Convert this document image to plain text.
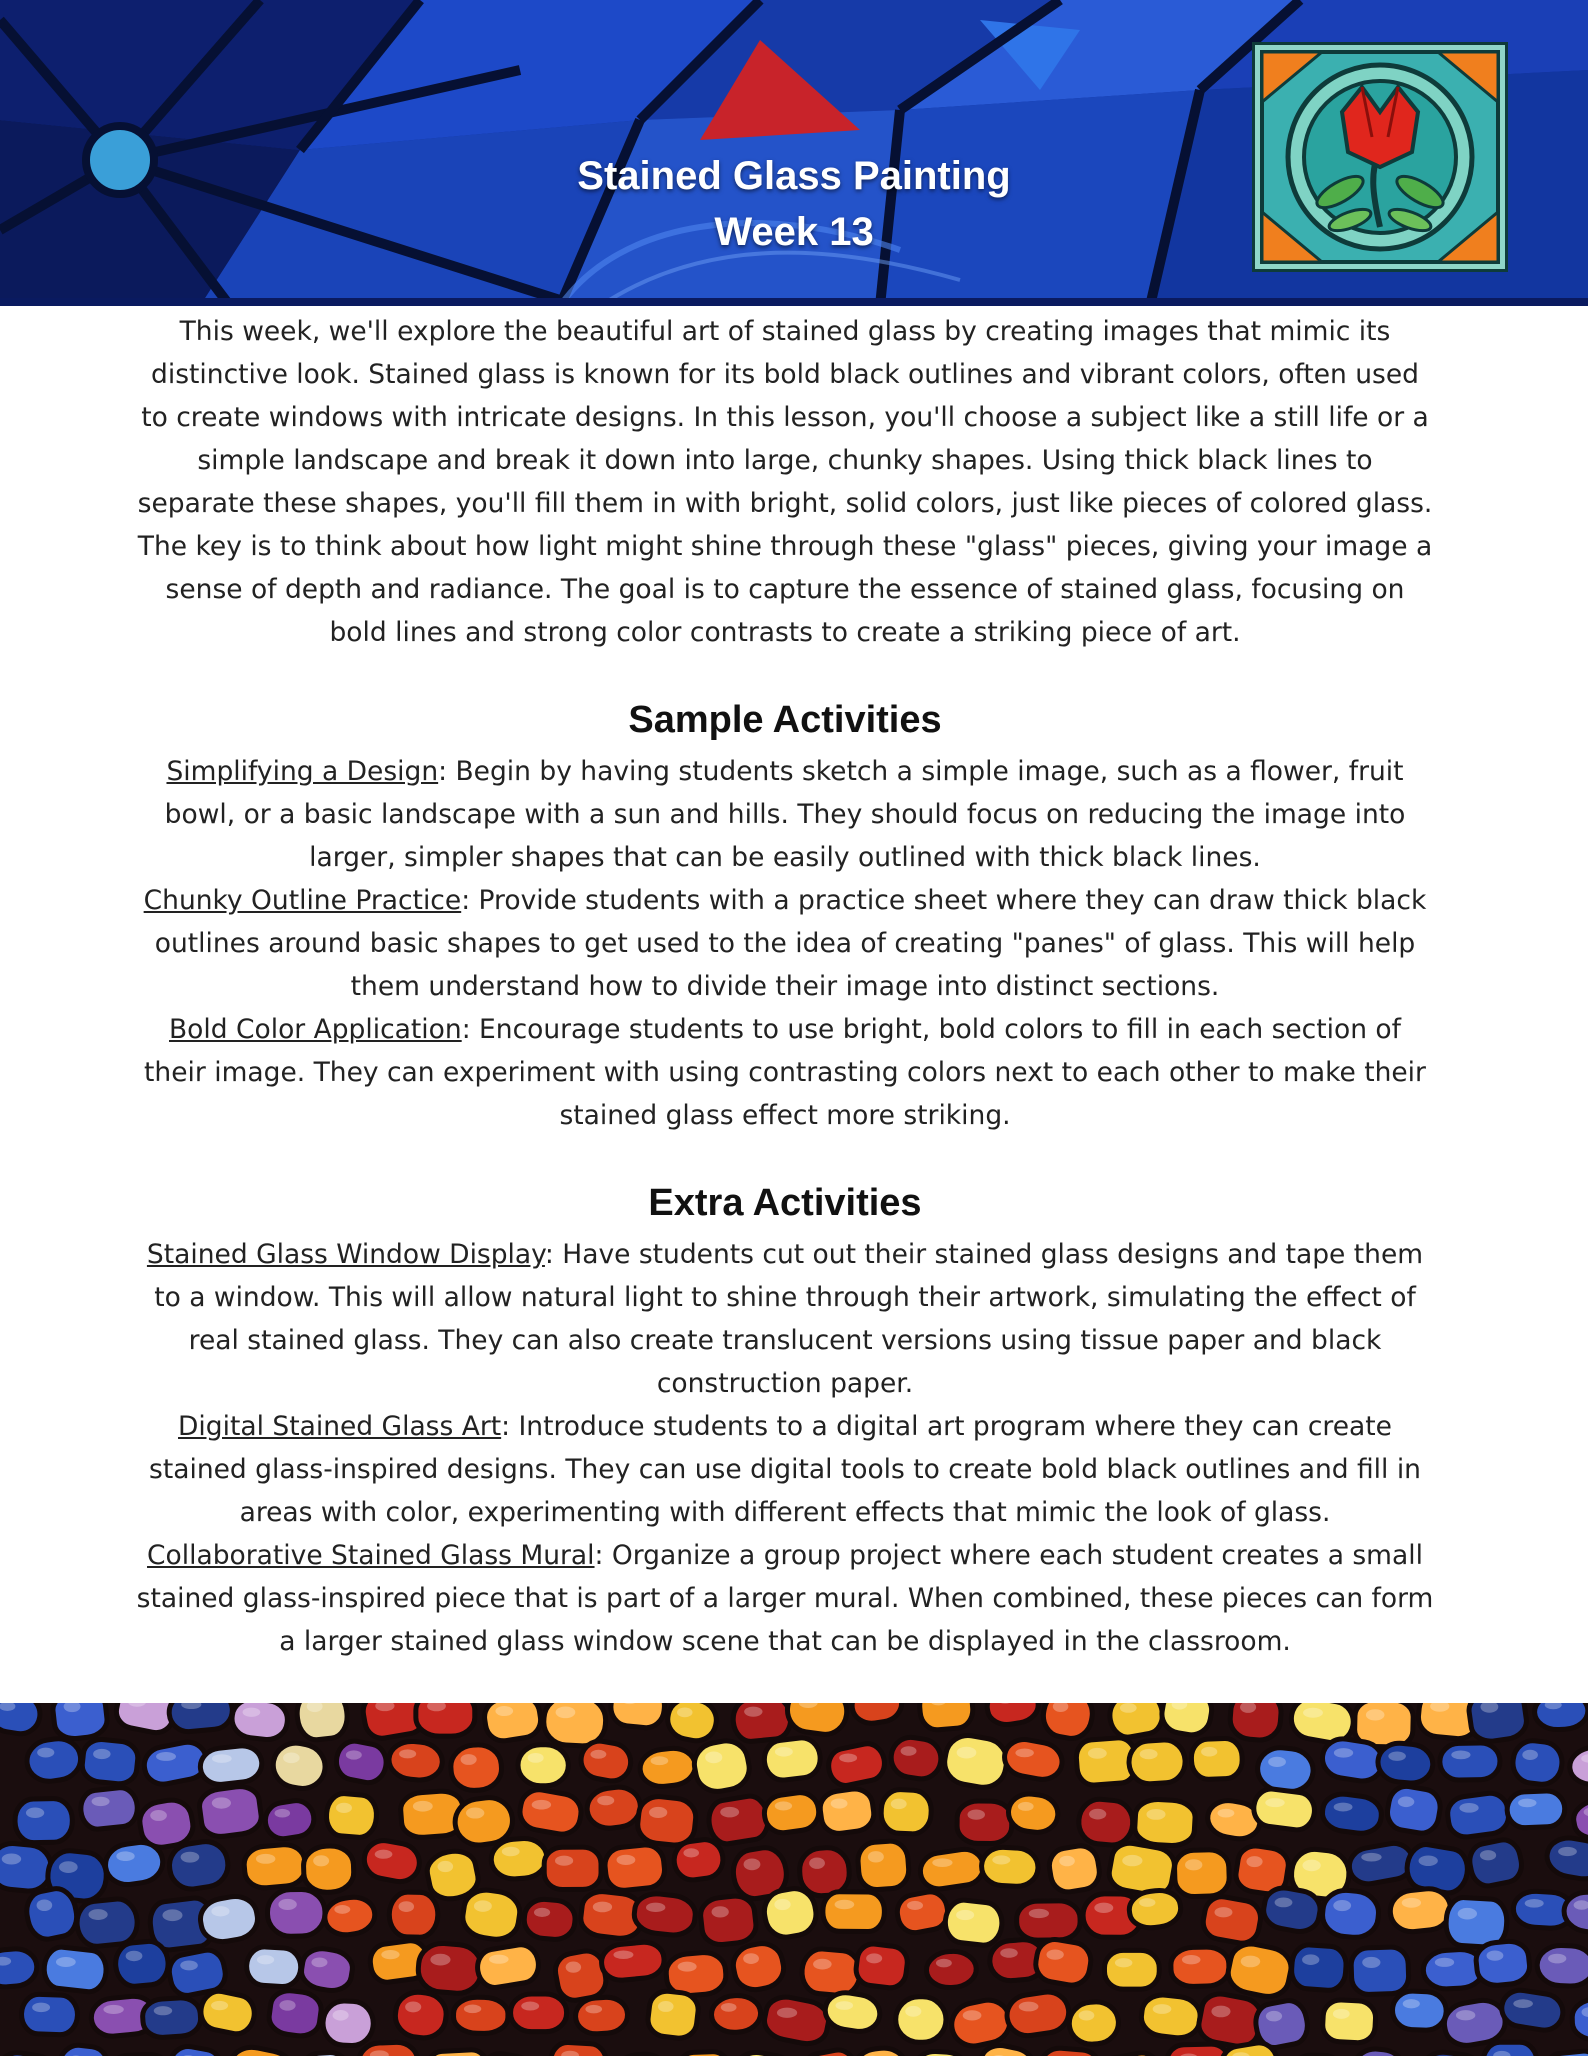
Stained Glass Painting
Week 13

This week, we'll explore the beautiful art of stained glass by creating images that mimic its distinctive look. Stained glass is known for its bold black outlines and vibrant colors, often used to create windows with intricate designs. In this lesson, you'll choose a subject like a still life or a simple landscape and break it down into large, chunky shapes. Using thick black lines to separate these shapes, you'll fill them in with bright, solid colors, just like pieces of colored glass. The key is to think about how light might shine through these "glass" pieces, giving your image a sense of depth and radiance. The goal is to capture the essence of stained glass, focusing on bold lines and strong color contrasts to create a striking piece of art.

Sample Activities

Simplifying a Design: Begin by having students sketch a simple image, such as a flower, fruit bowl, or a basic landscape with a sun and hills. They should focus on reducing the image into larger, simpler shapes that can be easily outlined with thick black lines.

Chunky Outline Practice: Provide students with a practice sheet where they can draw thick black outlines around basic shapes to get used to the idea of creating "panes" of glass. This will help them understand how to divide their image into distinct sections.

Bold Color Application: Encourage students to use bright, bold colors to fill in each section of their image. They can experiment with using contrasting colors next to each other to make their stained glass effect more striking.

Extra Activities

Stained Glass Window Display: Have students cut out their stained glass designs and tape them to a window. This will allow natural light to shine through their artwork, simulating the effect of real stained glass. They can also create translucent versions using tissue paper and black construction paper.

Digital Stained Glass Art: Introduce students to a digital art program where they can create stained glass-inspired designs. They can use digital tools to create bold black outlines and fill in areas with color, experimenting with different effects that mimic the look of glass.

Collaborative Stained Glass Mural: Organize a group project where each student creates a small stained glass-inspired piece that is part of a larger mural. When combined, these pieces can form a larger stained glass window scene that can be displayed in the classroom.
